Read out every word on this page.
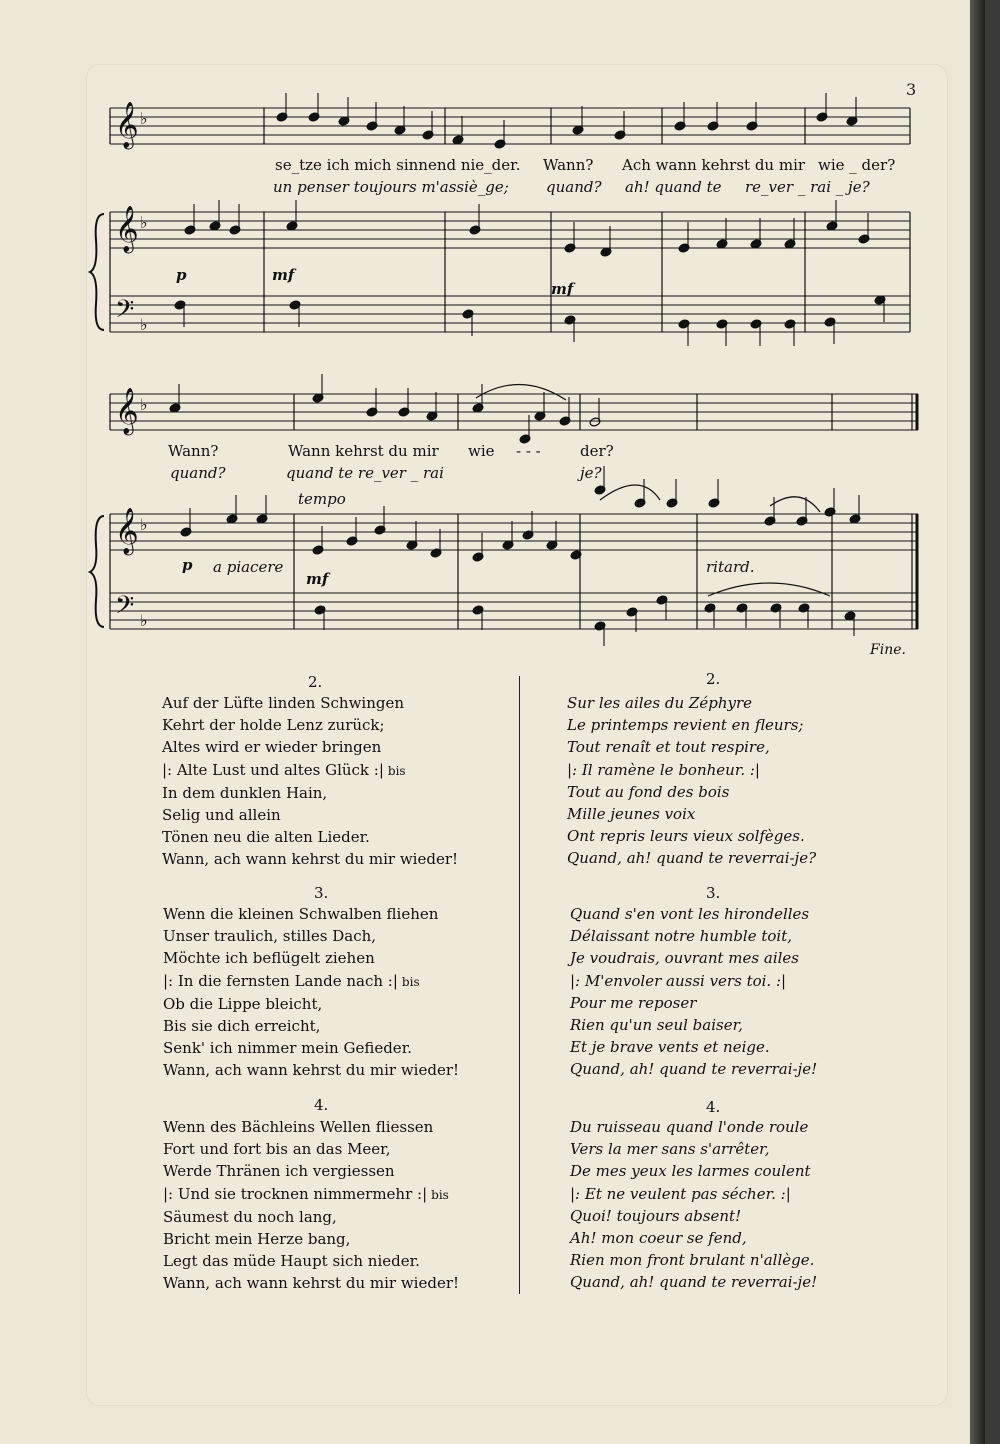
3
𝄞
𝄞
𝄢
𝄞
𝄞
𝄢
♭
♭
♭
♭
♭
♭
se_tze ich mich sinnend nie_der. Wann? Ach wann kehrst du mir wie _ der?
un penser toujours m'assiè_ge; quand? ah! quand te re_ver _ rai _ je?
p	mf
mf
Wann?	Wann kehrst du mir wie - - -	der?
quand?	quand te re_ver _ rai	je?
tempo
p a piacere
mf
ritard.
Fine.
2.
Auf der Lüfte linden Schwingen
Kehrt der holde Lenz zurück;
Altes wird er wieder bringen
|: Alte Lust und altes Glück :| bis
In dem dunklen Hain,
Selig und allein
Tönen neu die alten Lieder.
Wann, ach wann kehrst du mir wieder!
3.
Wenn die kleinen Schwalben fliehen
Unser traulich, stilles Dach,
Möchte ich beflügelt ziehen
|: In die fernsten Lande nach :| bis
Ob die Lippe bleicht,
Bis sie dich erreicht,
Senk' ich nimmer mein Gefieder.
Wann, ach wann kehrst du mir wieder!
4.
Wenn des Bächleins Wellen fliessen
Fort und fort bis an das Meer,
Werde Thränen ich vergiessen
|: Und sie trocknen nimmermehr :| bis
Säumest du noch lang,
Bricht mein Herze bang,
Legt das müde Haupt sich nieder.
Wann, ach wann kehrst du mir wieder!
2.
Sur les ailes du Zéphyre
Le printemps revient en fleurs;
Tout renaît et tout respire,
|: Il ramène le bonheur. :|
Tout au fond des bois
Mille jeunes voix
Ont repris leurs vieux solfèges.
Quand, ah! quand te reverrai-je?
3.
Quand s'en vont les hirondelles
Délaissant notre humble toit,
Je voudrais, ouvrant mes ailes
|: M'envoler aussi vers toi. :|
Pour me reposer
Rien qu'un seul baiser,
Et je brave vents et neige.
Quand, ah! quand te reverrai-je!
4.
Du ruisseau quand l'onde roule
Vers la mer sans s'arrêter,
De mes yeux les larmes coulent
|: Et ne veulent pas sécher. :|
Quoi! toujours absent!
Ah! mon coeur se fend,
Rien mon front brulant n'allège.
Quand, ah! quand te reverrai-je!
